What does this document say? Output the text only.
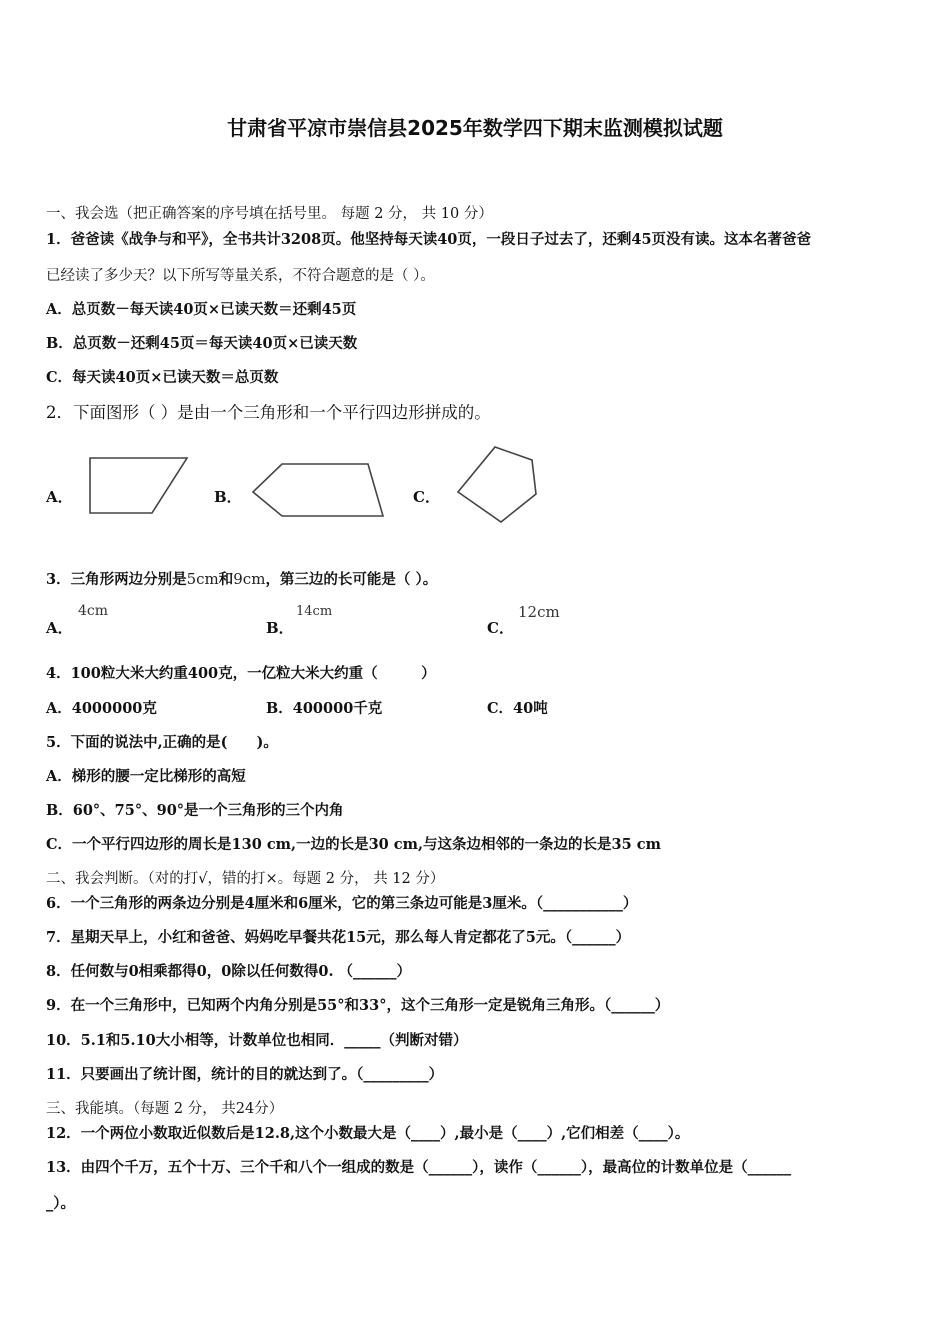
甘肃省平凉市崇信县2025年数学四下期末监测模拟试题
一、我会选（把正确答案的序号填在括号里。 每题 2 分， 共 10 分）
1．爸爸读《战争与和平》，全书共计3208页。他坚持每天读40页，一段日子过去了，还剩45页没有读。这本名著爸爸
已经读了多少天？以下所写等量关系，不符合题意的是（ ）。
A．总页数－每天读40页×已读天数＝还剩45页
B．总页数－还剩45页＝每天读40页×已读天数
C．每天读40页×已读天数＝总页数
2．下面图形（ ）是由一个三角形和一个平行四边形拼成的。
A．	B．	C．
3．三角形两边分别是5cm和9cm，第三边的长可能是（ ）。
A．
4cm
B．
14cm
C．
12cm
4．100粒大米大约重400克，一亿粒大米大约重（　　　）
A．4000000克	B．400000千克	C．40吨
5．下面的说法中,正确的是(　　)。
A．梯形的腰一定比梯形的高短
B．60°、75°、90°是一个三角形的三个内角
C．一个平行四边形的周长是130 cm,一边的长是30 cm,与这条边相邻的一条边的长是35 cm
二、我会判断。（对的打√，错的打×。每题 2 分， 共 12 分）
6．一个三角形的两条边分别是4厘米和6厘米，它的第三条边可能是3厘米。（___________）
7．星期天早上，小红和爸爸、妈妈吃早餐共花15元，那么每人肯定都花了5元。（______）
8．任何数与0相乘都得0，0除以任何数得0. （______）
9．在一个三角形中，已知两个内角分别是55°和33°，这个三角形一定是锐角三角形。（______）
10．5.1和5.10大小相等，计数单位也相同．_____（判断对错）
11．只要画出了统计图，统计的目的就达到了。（_________）
三、我能填。（每题 2 分， 共24分）
12．一个两位小数取近似数后是12.8,这个小数最大是（____）,最小是（____）,它们相差（____）。
13．由四个千万，五个十万、三个千和八个一组成的数是（______），读作（______），最高位的计数单位是（______
_）。
